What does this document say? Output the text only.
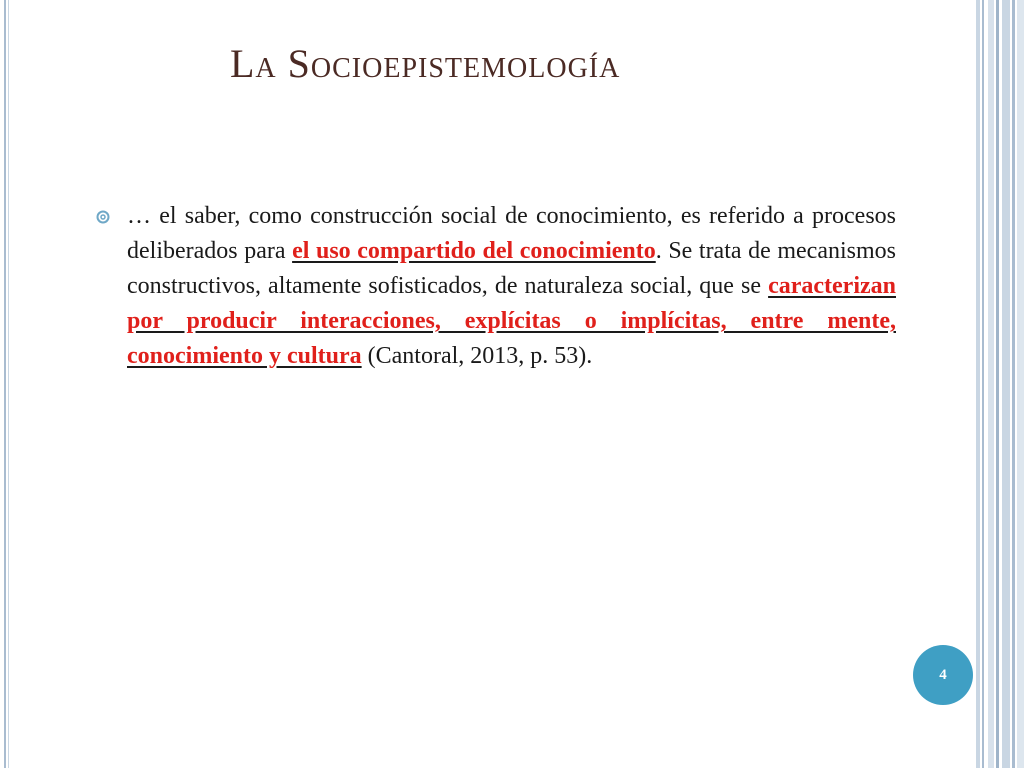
La Socioepistemología

… el saber, como construcción social de conocimiento, es referido a procesos deliberados para el uso compartido del conocimiento. Se trata de mecanismos constructivos, altamente sofisticados, de naturaleza social, que se caracterizan por producir interacciones, explícitas o implícitas, entre mente, conocimiento y cultura (Cantoral, 2013, p. 53).

4
